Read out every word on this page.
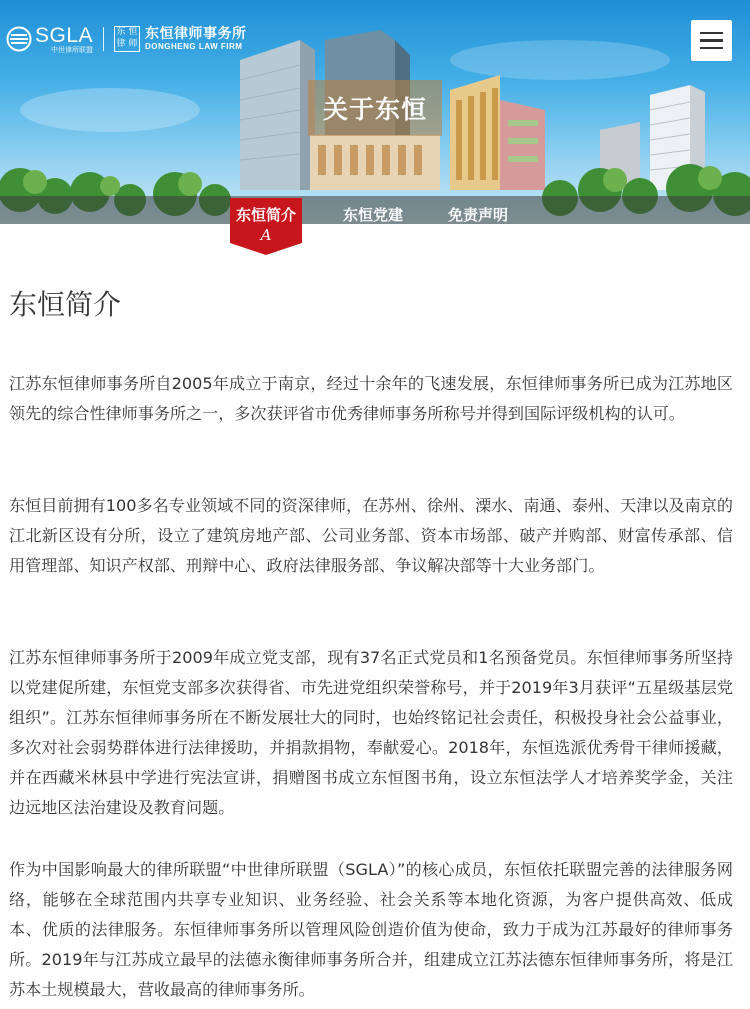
SGLA
中世律所联盟
东 恒
律 师
东恒律师事务所
DONGHENG LAW FIRM
关于东恒
东恒党建	免责声明
东恒简介
A
东恒简介

江苏东恒律师事务所自2005年成立于南京，经过十余年的飞速发展，东恒律师事务所已成为江苏地区领先的综合性律师事务所之一，多次获评省市优秀律师事务所称号并得到国际评级机构的认可。

东恒目前拥有100多名专业领域不同的资深律师，在苏州、徐州、溧水、南通、泰州、天津以及南京的江北新区设有分所，设立了建筑房地产部、公司业务部、资本市场部、破产并购部、财富传承部、信用管理部、知识产权部、刑辩中心、政府法律服务部、争议解决部等十大业务部门。

江苏东恒律师事务所于2009年成立党支部，现有37名正式党员和1名预备党员。东恒律师事务所坚持以党建促所建，东恒党支部多次获得省、市先进党组织荣誉称号，并于2019年3月获评“五星级基层党组织”。江苏东恒律师事务所在不断发展壮大的同时，也始终铭记社会责任，积极投身社会公益事业，多次对社会弱势群体进行法律援助，并捐款捐物，奉献爱心。2018年，东恒选派优秀骨干律师援藏，并在西藏米林县中学进行宪法宣讲，捐赠图书成立东恒图书角，设立东恒法学人才培养奖学金，关注边远地区法治建设及教育问题。

作为中国影响最大的律所联盟“中世律所联盟（SGLA）”的核心成员，东恒依托联盟完善的法律服务网络，能够在全球范围内共享专业知识、业务经验、社会关系等本地化资源，为客户提供高效、低成本、优质的法律服务。东恒律师事务所以管理风险创造价值为使命，致力于成为江苏最好的律师事务所。2019年与江苏成立最早的法德永衡律师事务所合并，组建成立江苏法德东恒律师事务所，将是江苏本土规模最大，营收最高的律师事务所。
